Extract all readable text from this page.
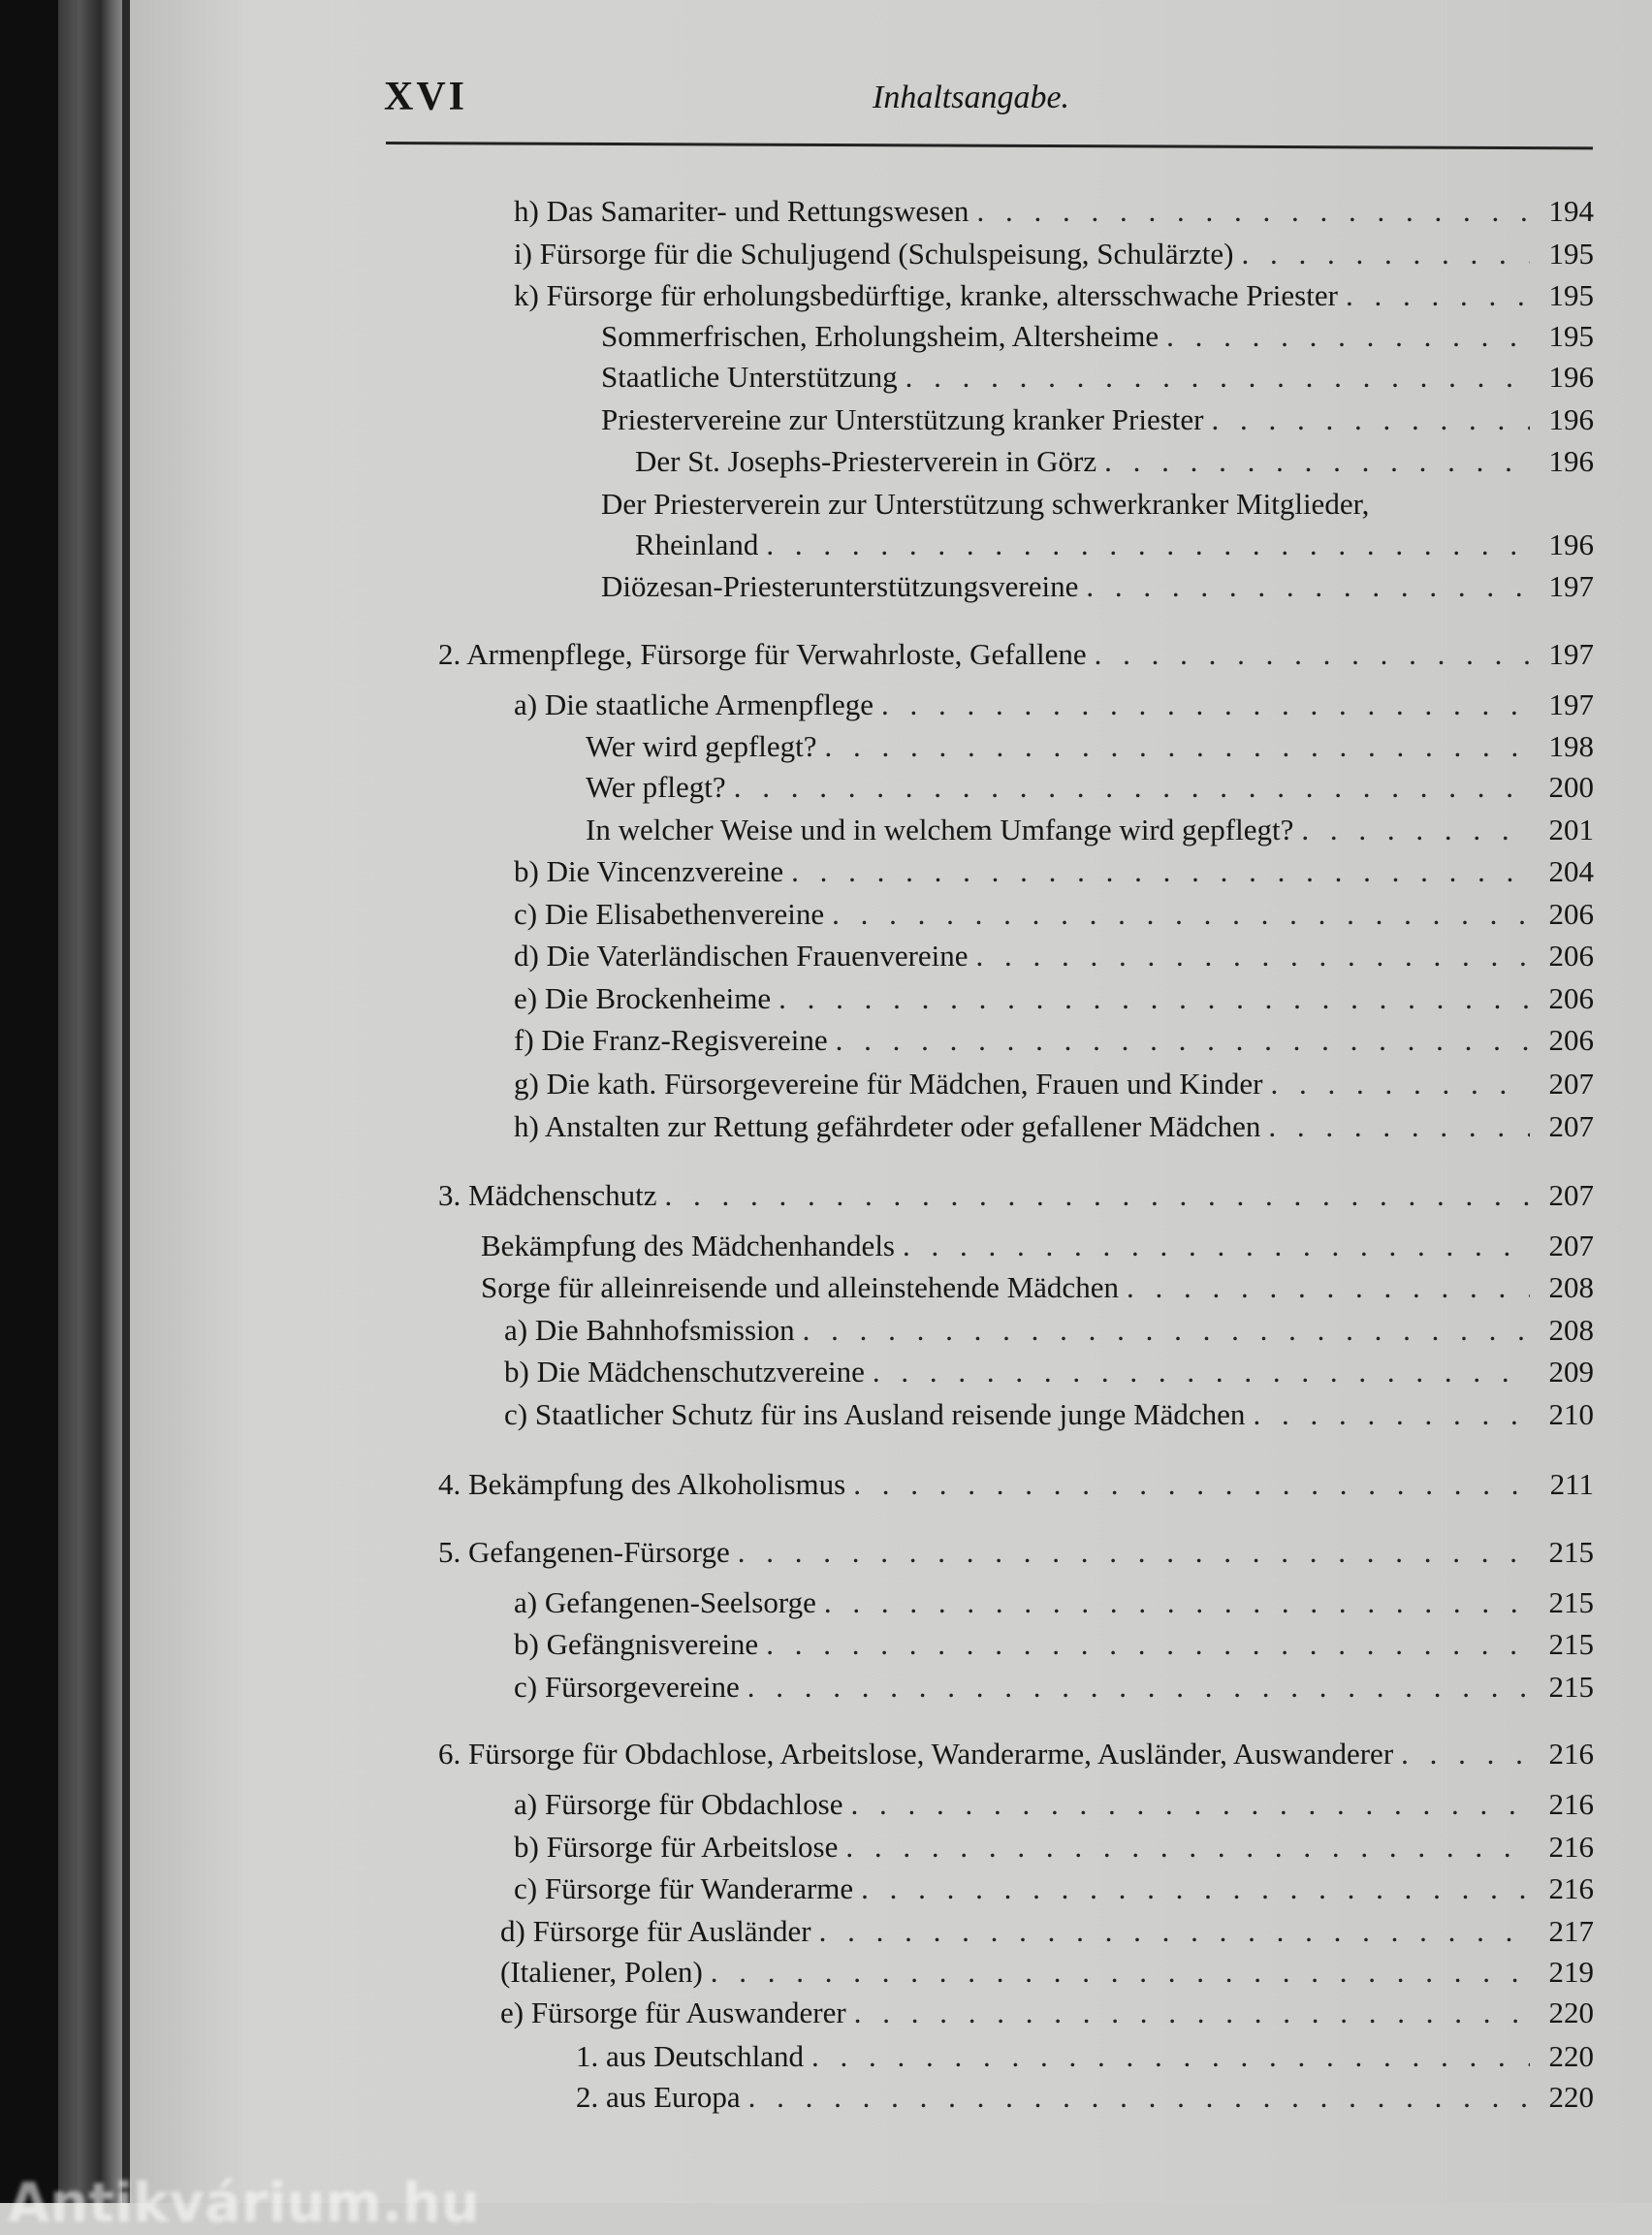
XVI	Inhaltsangabe.
h) Das Samariter- und Rettungswesen . . .	194
i) Fürsorge für die Schuljugend (Schulspeisung, Schulärzte) . . .	195
k) Fürsorge für erholungsbedürftige, kranke, altersschwache Priester . . .	195
Sommerfrischen, Erholungsheim, Altersheime . . .	195
Staatliche Unterstützung . . .	196
Priestervereine zur Unterstützung kranker Priester . . .	196
Der St. Josephs-Priesterverein in Görz . . .	196
Der Priesterverein zur Unterstützung schwerkranker Mitglieder,
Rheinland . . .	196
Diözesan-Priesterunterstützungsvereine . . .	197
2. Armenpflege, Fürsorge für Verwahrloste, Gefallene . . .	197
a) Die staatliche Armenpflege . . .	197
Wer wird gepflegt? . . .	198
Wer pflegt? . . .	200
In welcher Weise und in welchem Umfange wird gepflegt? . . .	201
b) Die Vincenzvereine . . .	204
c) Die Elisabethenvereine . . .	206
d) Die Vaterländischen Frauenvereine . . .	206
e) Die Brockenheime . . .	206
f) Die Franz-Regisvereine . . .	206
g) Die kath. Fürsorgevereine für Mädchen, Frauen und Kinder . . .	207
h) Anstalten zur Rettung gefährdeter oder gefallener Mädchen . . .	207
3. Mädchenschutz . . .	207
Bekämpfung des Mädchenhandels . . .	207
Sorge für alleinreisende und alleinstehende Mädchen . . .	208
a) Die Bahnhofsmission . . .	208
b) Die Mädchenschutzvereine . . .	209
c) Staatlicher Schutz für ins Ausland reisende junge Mädchen . . .	210
4. Bekämpfung des Alkoholismus . . .	211
5. Gefangenen-Fürsorge . . .	215
a) Gefangenen-Seelsorge . . .	215
b) Gefängnisvereine . . .	215
c) Fürsorgevereine . . .	215
6. Fürsorge für Obdachlose, Arbeitslose, Wanderarme, Ausländer, Auswanderer . . .	216
a) Fürsorge für Obdachlose . . .	216
b) Fürsorge für Arbeitslose . . .	216
c) Fürsorge für Wanderarme . . .	216
d) Fürsorge für Ausländer . . .	217
(Italiener, Polen) . . .	219
e) Fürsorge für Auswanderer . . .	220
1. aus Deutschland . . .	220
2. aus Europa . . .	220
Antikvárium.hu
